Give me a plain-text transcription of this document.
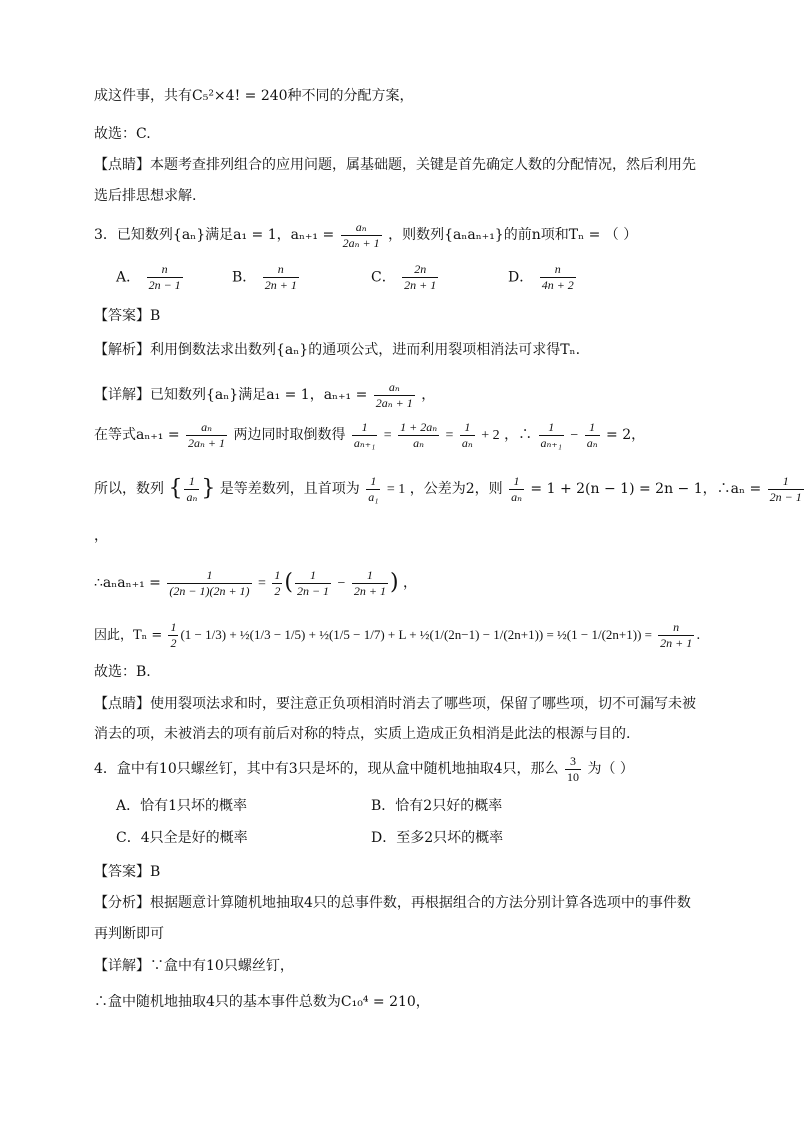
成这件事，共有C₅²×4! = 240种不同的分配方案，
故选：C.
【点睛】本题考查排列组合的应用问题，属基础题，关键是首先确定人数的分配情况，然后利用先
选后排思想求解.
3．已知数列{aₙ}满足a₁ = 1，$a_{n+1} = \frac{\text{aₙ}}{\text{2aₙ + 1}}$ ，则数列{aₙaₙ₊₁}的前n项和Tₙ = （ ）
A． $\frac{n}{2n - 1}$	B． $\frac{n}{2n + 1}$	C． $\frac{2n}{2n + 1}$	D． $\frac{n}{4n + 2}$
【答案】B
【解析】利用倒数法求出数列{aₙ}的通项公式，进而利用裂项相消法可求得Tₙ.
【详解】已知数列{aₙ}满足a₁ = 1，$a_{n+1} = \frac{\text{aₙ}}{\text{2aₙ + 1}}$ ，
在等式$a_{n+1} = \frac{\text{aₙ}}{\text{2aₙ + 1}}$ 两边同时取倒数得 $\frac{1}{\text{aₙ₊₁}} = \frac{\text{1 + 2aₙ}}{\text{aₙ}} = \frac{1}{\text{aₙ}} + 2$ ，∴ $\frac{1}{\text{aₙ₊₁}} - \frac{1}{\text{aₙ}} = 2$，
所以，数列 { $\frac{1}{\text{aₙ}}$ } 是等差数列，且首项为 $\frac{1}{\text{a₁}} = 1$ ，公差为2，则 $\frac{1}{\text{aₙ}} = 1 + 2(n - 1) = 2n - 1$，∴aₙ = $\frac{1}{2n - 1}$
，
∴aₙaₙ₊₁ = $\frac{1}{(2n - 1)(2n + 1)} = \frac{1}{2}$ ( $\frac{1}{2n - 1} - \frac{1}{2n + 1}$ ) ，
因此，$T_n = \frac{1}{2} (1 - 1/3)$ + ½(1/3 − 1/5) + ½(1/5 − 1/7) + L + ½(1/(2n−1) − 1/(2n+1)) = ½(1 − $1/(2n+1)) = \frac{n}{2n + 1}$ .
故选：B.
【点睛】使用裂项法求和时，要注意正负项相消时消去了哪些项，保留了哪些项，切不可漏写未被
消去的项，未被消去的项有前后对称的特点，实质上造成正负相消是此法的根源与目的.
4．盒中有10只螺丝钉，其中有3只是坏的，现从盒中随机地抽取4只，那么 $\frac{3}{10}$ 为（ ）
A．恰有1只坏的概率	B．恰有2只好的概率
C．4只全是好的概率	D．至多2只坏的概率
【答案】B
【分析】根据题意计算随机地抽取4只的总事件数，再根据组合的方法分别计算各选项中的事件数
再判断即可
【详解】∵盒中有10只螺丝钉，
∴盒中随机地抽取4只的基本事件总数为C₁₀⁴ = 210，
